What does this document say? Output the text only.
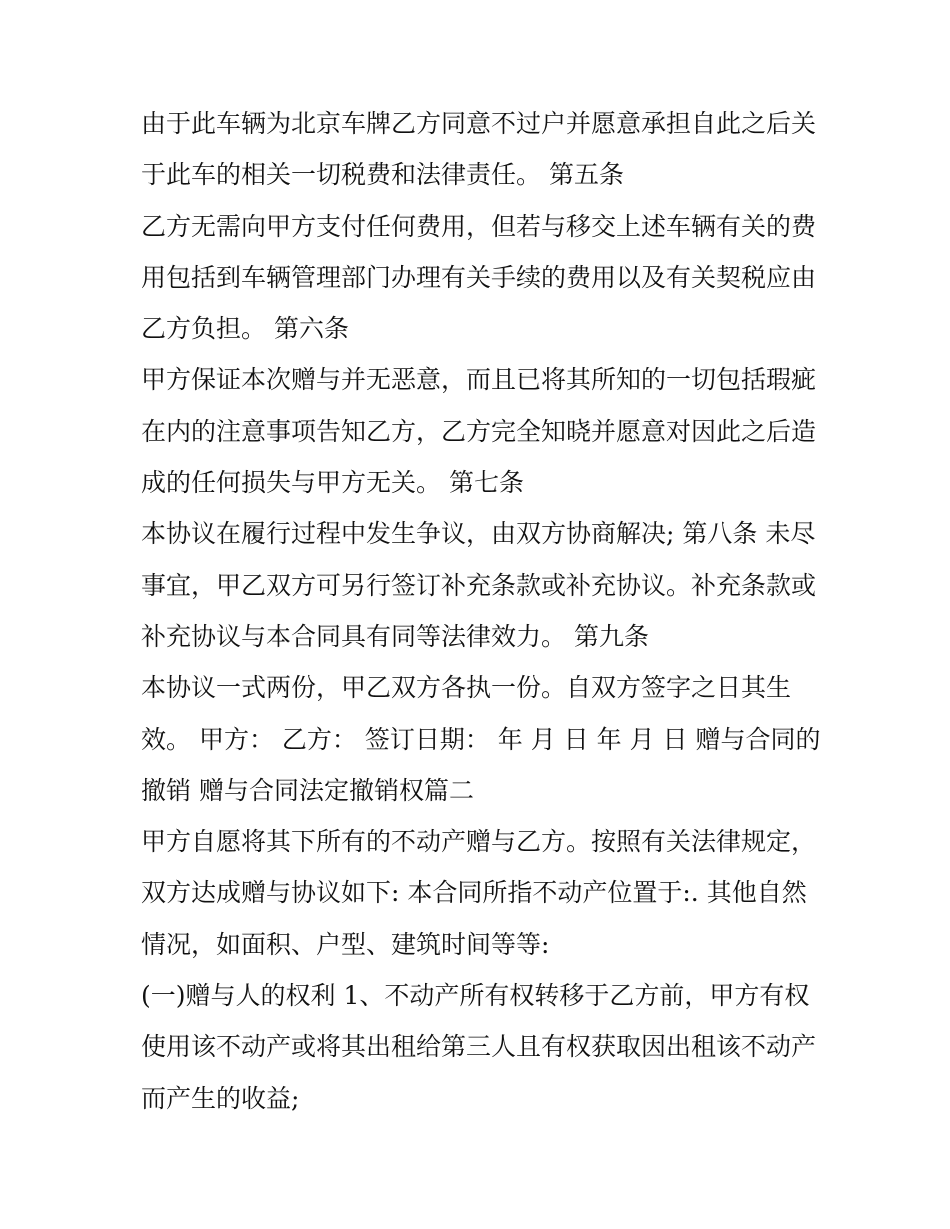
由于此车辆为北京车牌乙方同意不过户并愿意承担自此之后关
于此车的相关一切税费和法律责任。 第五条
乙方无需向甲方支付任何费用，但若与移交上述车辆有关的费
用包括到车辆管理部门办理有关手续的费用以及有关契税应由
乙方负担。 第六条
甲方保证本次赠与并无恶意，而且已将其所知的一切包括瑕疵
在内的注意事项告知乙方，乙方完全知晓并愿意对因此之后造
成的任何损失与甲方无关。 第七条
本协议在履行过程中发生争议，由双方协商解决; 第八条 未尽
事宜，甲乙双方可另行签订补充条款或补充协议。补充条款或
补充协议与本合同具有同等法律效力。 第九条
本协议一式两份，甲乙双方各执一份。自双方签字之日其生
效。 甲方： 乙方： 签订日期： 年 月 日 年 月 日 赠与合同的
撤销 赠与合同法定撤销权篇二
甲方自愿将其下所有的不动产赠与乙方。按照有关法律规定，
双方达成赠与协议如下: 本合同所指不动产位置于:. 其他自然
情况，如面积、户型、建筑时间等等:
(一)赠与人的权利 1、不动产所有权转移于乙方前，甲方有权
使用该不动产或将其出租给第三人且有权获取因出租该不动产
而产生的收益;
